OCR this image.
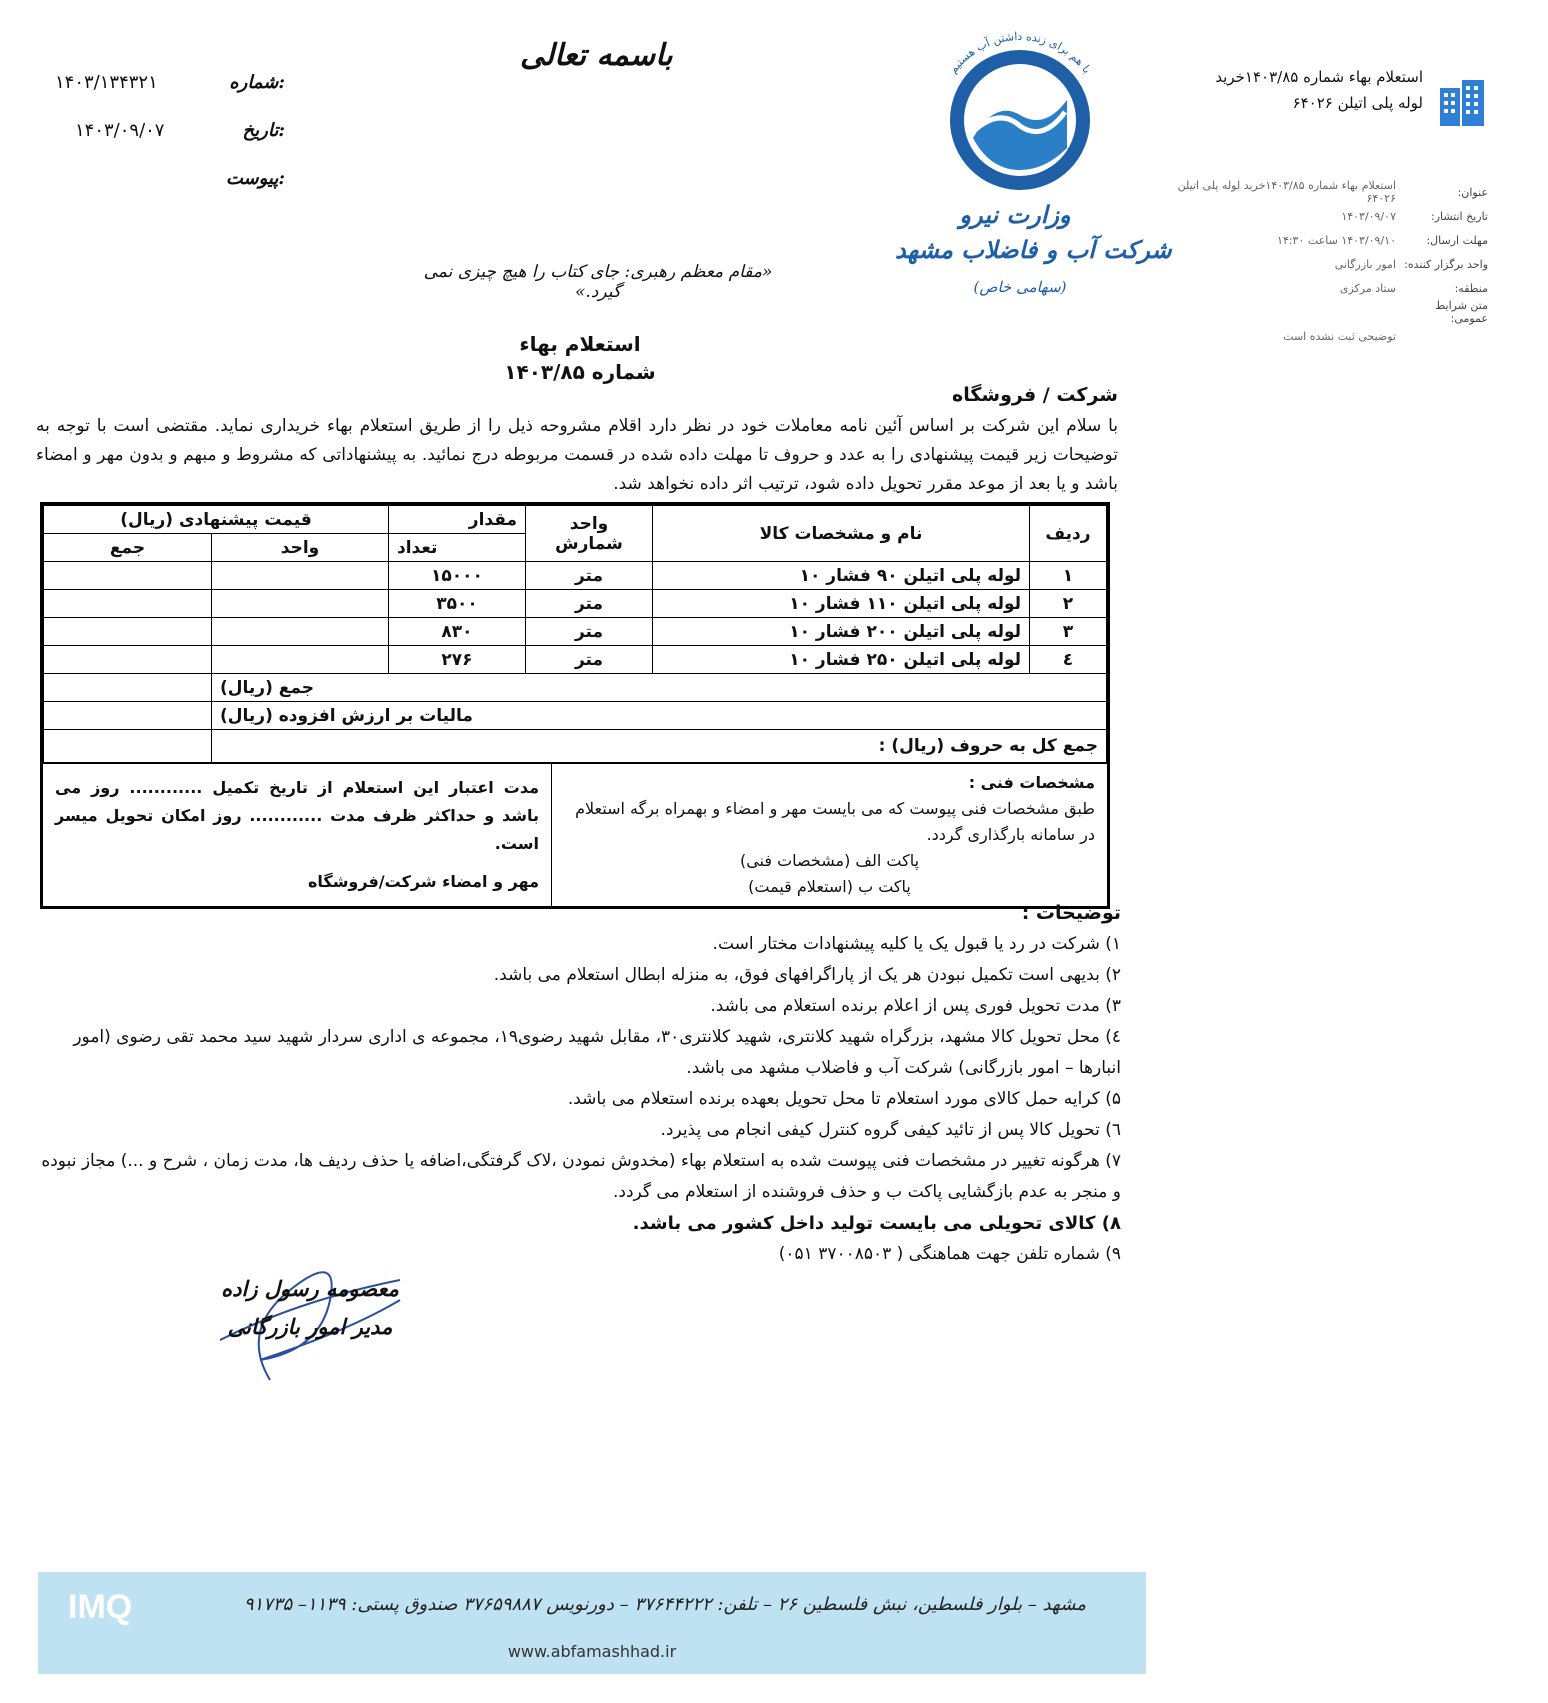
استعلام بهاء شماره ۱۴۰۳/۸۵خرید
لوله پلی اتیلن ۶۴۰۲۶
عنوان:
استعلام بهاء شماره ۱۴۰۳/۸۵خرید لوله پلی اتیلن ۶۴۰۲۶
تاریخ انتشار:
۱۴۰۳/۰۹/۰۷
مهلت ارسال:
۱۴۰۳/۰۹/۱۰ ساعت ۱۴:۳۰
واحد برگزار کننده:
امور بازرگانی
منطقه:
ستاد مرکزی
متن شرایط عمومی:
توضیحی ثبت نشده است
۱۴۰۳/۱۳۴۳۲۱	شماره:
۱۴۰۳/۰۹/۰۷	تاریخ:
پیوست:
باسمه تعالی
«مقام معظم رهبری: جای کتاب را هیچ چیزی نمی گیرد.»
با هم برای زنده داشتن آب هستیم
وزارت نیرو
شرکت آب و فاضلاب مشهد
(سهامی خاص)
استعلام بهاء
شماره ۱۴۰۳/۸۵
شرکت / فروشگاه
با سلام این شرکت بر اساس آئین نامه معاملات خود در نظر دارد اقلام مشروحه ذیل را از طریق استعلام بهاء خریداری نماید. مقتضی است با توجه به توضیحات زیر قیمت پیشنهادی را به عدد و حروف تا مهلت داده شده در قسمت مربوطه درج نمائید. به پیشنهاداتی که مشروط و مبهم و بدون مهر و امضاء باشد و یا بعد از موعد مقرر تحویل داده شود، ترتیب اثر داده نخواهد شد.
ردیف	نام و مشخصات کالا	واحد شمارش	مقدار	قیمت پیشنهادی (ریال)	
			تعداد	واحد	جمع
۱	لوله پلی اتیلن ۹۰ فشار ۱۰	متر	۱۵۰۰۰		
۲	لوله پلی اتیلن ۱۱۰ فشار ۱۰	متر	۳۵۰۰		
۳	لوله پلی اتیلن ۲۰۰ فشار ۱۰	متر	۸۳۰		
٤	لوله پلی اتیلن ۲۵۰ فشار ۱۰	متر	۲۷۶		
جمع (ریال)					
مالیات بر ارزش افزوده (ریال)					
جمع کل به حروف (ریال) :					
مشخصات فنی :
طبق مشخصات فنی پیوست که می بایست مهر و امضاء و بهمراه برگه استعلام در سامانه بارگذاری گردد.
پاکت الف (مشخصات فنی)
پاکت ب (استعلام قیمت)
مدت اعتبار این استعلام از تاریخ تکمیل ............ روز می باشد و حداکثر ظرف مدت ............ روز امکان تحویل میسر است.
مهر و امضاء شرکت/فروشگاه
توضیحات :
۱) شرکت در رد یا قبول یک یا کلیه پیشنهادات مختار است.
۲) بدیهی است تکمیل نبودن هر یک از پاراگرافهای فوق، به منزله ابطال استعلام می باشد.
۳) مدت تحویل فوری پس از اعلام برنده استعلام می باشد.
٤) محل تحویل کالا مشهد، بزرگراه شهید کلانتری، شهید کلانتری۳۰، مقابل شهید رضوی۱۹، مجموعه ی اداری سردار شهید سید محمد تقی رضوی (امور انبارها – امور بازرگانی) شرکت آب و فاضلاب مشهد می باشد.
۵) کرایه حمل کالای مورد استعلام تا محل تحویل بعهده برنده استعلام می باشد.
٦) تحویل کالا پس از تائید کیفی گروه کنترل کیفی انجام می پذیرد.
۷) هرگونه تغییر در مشخصات فنی پیوست شده به استعلام بهاء (مخدوش نمودن ،لاک گرفتگی،اضافه یا حذف ردیف ها، مدت زمان ، شرح و ...) مجاز نبوده و منجر به عدم بازگشایی پاکت ب و حذف فروشنده از استعلام می گردد.
۸) کالای تحویلی می بایست تولید داخل کشور می باشد.
۹) شماره تلفن جهت هماهنگی ( ۳۷۰۰۸۵۰۳ ۰۵۱)
معصومه رسول زاده
مدیر امور بازرگانی
IMQ	مشهد – بلوار فلسطین، نبش فلسطین ۲۶ – تلفن: ۳۷۶۴۴۲۲۲ – دورنویس ۳۷۶۵۹۸۸۷ صندوق پستی: ۱۱۳۹– ۹۱۷۳۵
www.abfamashhad.ir
